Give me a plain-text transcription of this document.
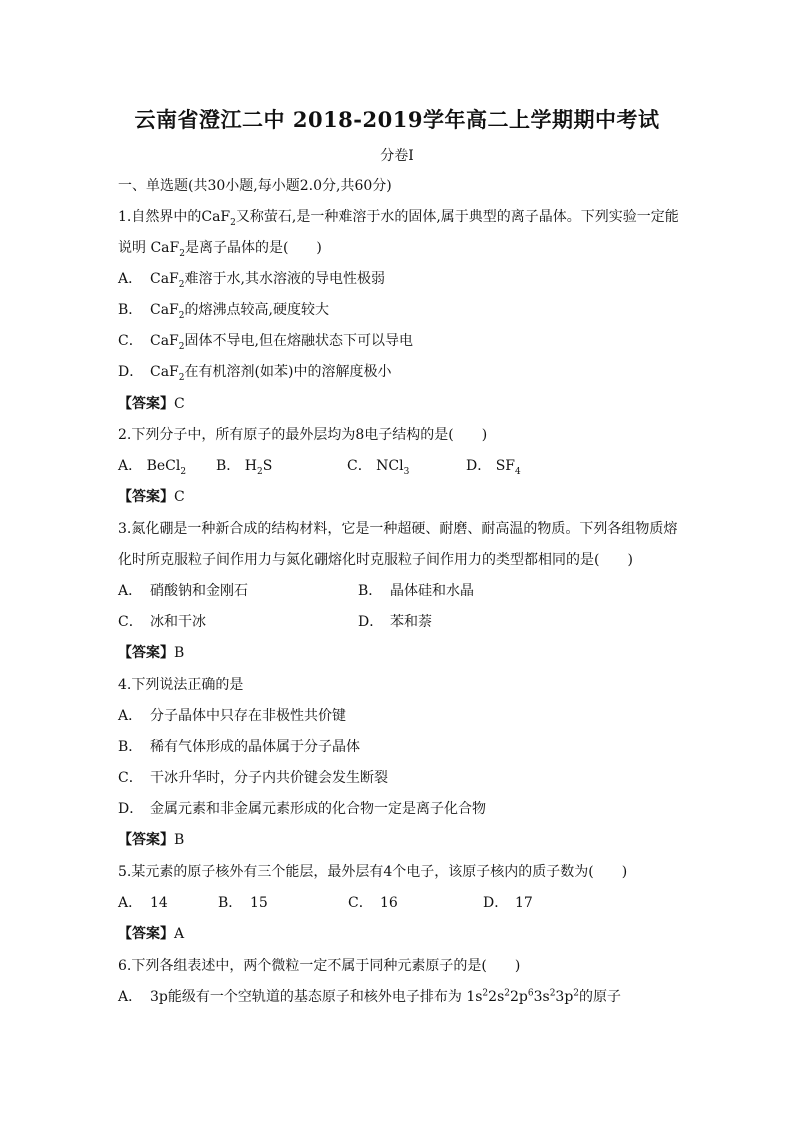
云南省澄江二中 2018-2019学年高二上学期期中考试
分卷I
一、单选题(共30小题,每小题2.0分,共60分)
1.自然界中的CaF$_2$又称萤石,是一种难溶于水的固体,属于典型的离子晶体。下列实验一定能
说明 CaF$_2$是离子晶体的是(　　)
A． CaF$_2$难溶于水,其水溶液的导电性极弱
B． CaF$_2$的熔沸点较高,硬度较大
C． CaF$_2$固体不导电,但在熔融状态下可以导电
D． CaF$_2$在有机溶剂(如苯)中的溶解度极小
【答案】C
2.下列分子中，所有原子的最外层均为8电子结构的是(　　)
A． BeCl$_2$ B． $H_2S$	C． NCl$_3$	D． $SF_4$
【答案】C
3.氮化硼是一种新合成的结构材料，它是一种超硬、耐磨、耐高温的物质。下列各组物质熔
化时所克服粒子间作用力与氮化硼熔化时克服粒子间作用力的类型都相同的是(　　)
A． 硝酸钠和金刚石	B． 晶体硅和水晶
C． 冰和干冰	D． 苯和萘
【答案】B
4.下列说法正确的是
A． 分子晶体中只存在非极性共价键
B． 稀有气体形成的晶体属于分子晶体
C． 干冰升华时，分子内共价键会发生断裂
D． 金属元素和非金属元素形成的化合物一定是离子化合物
【答案】B
5.某元素的原子核外有三个能层，最外层有4个电子，该原子核内的质子数为(　　)
A． 14	B． 15	C． 16	D． 17
【答案】A
6.下列各组表述中，两个微粒一定不属于同种元素原子的是(　　)
A． 3p能级有一个空轨道的基态原子和核外电子排布为 $1s^22s^22p^63s^23p^2$的原子
